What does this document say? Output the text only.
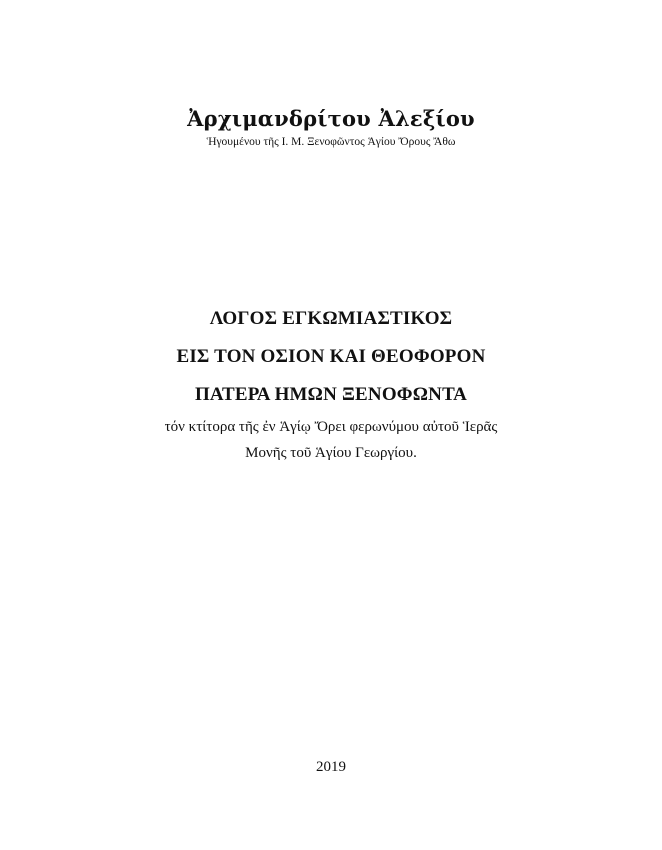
Ἀρχιμανδρίτου Ἀλεξίου
Ἡγουμένου τῆς Ι. Μ. Ξενοφῶντος Ἁγίου Ὄρους Ἄθω
ΛΟΓΟΣ ΕΓΚΩΜΙΑΣΤΙΚΟΣ
ΕΙΣ ΤΟΝ ΟΣΙΟΝ ΚΑΙ ΘΕΟΦΟΡΟΝ
ΠΑΤΕΡΑ ΗΜΩΝ ΞΕΝΟΦΩΝΤΑ
τόν κτίτορα τῆς ἐν Ἁγίῳ Ὄρει φερωνύμου αὐτοῦ Ἱερᾶς
Μονῆς τοῦ Ἁγίου Γεωργίου.
2019
